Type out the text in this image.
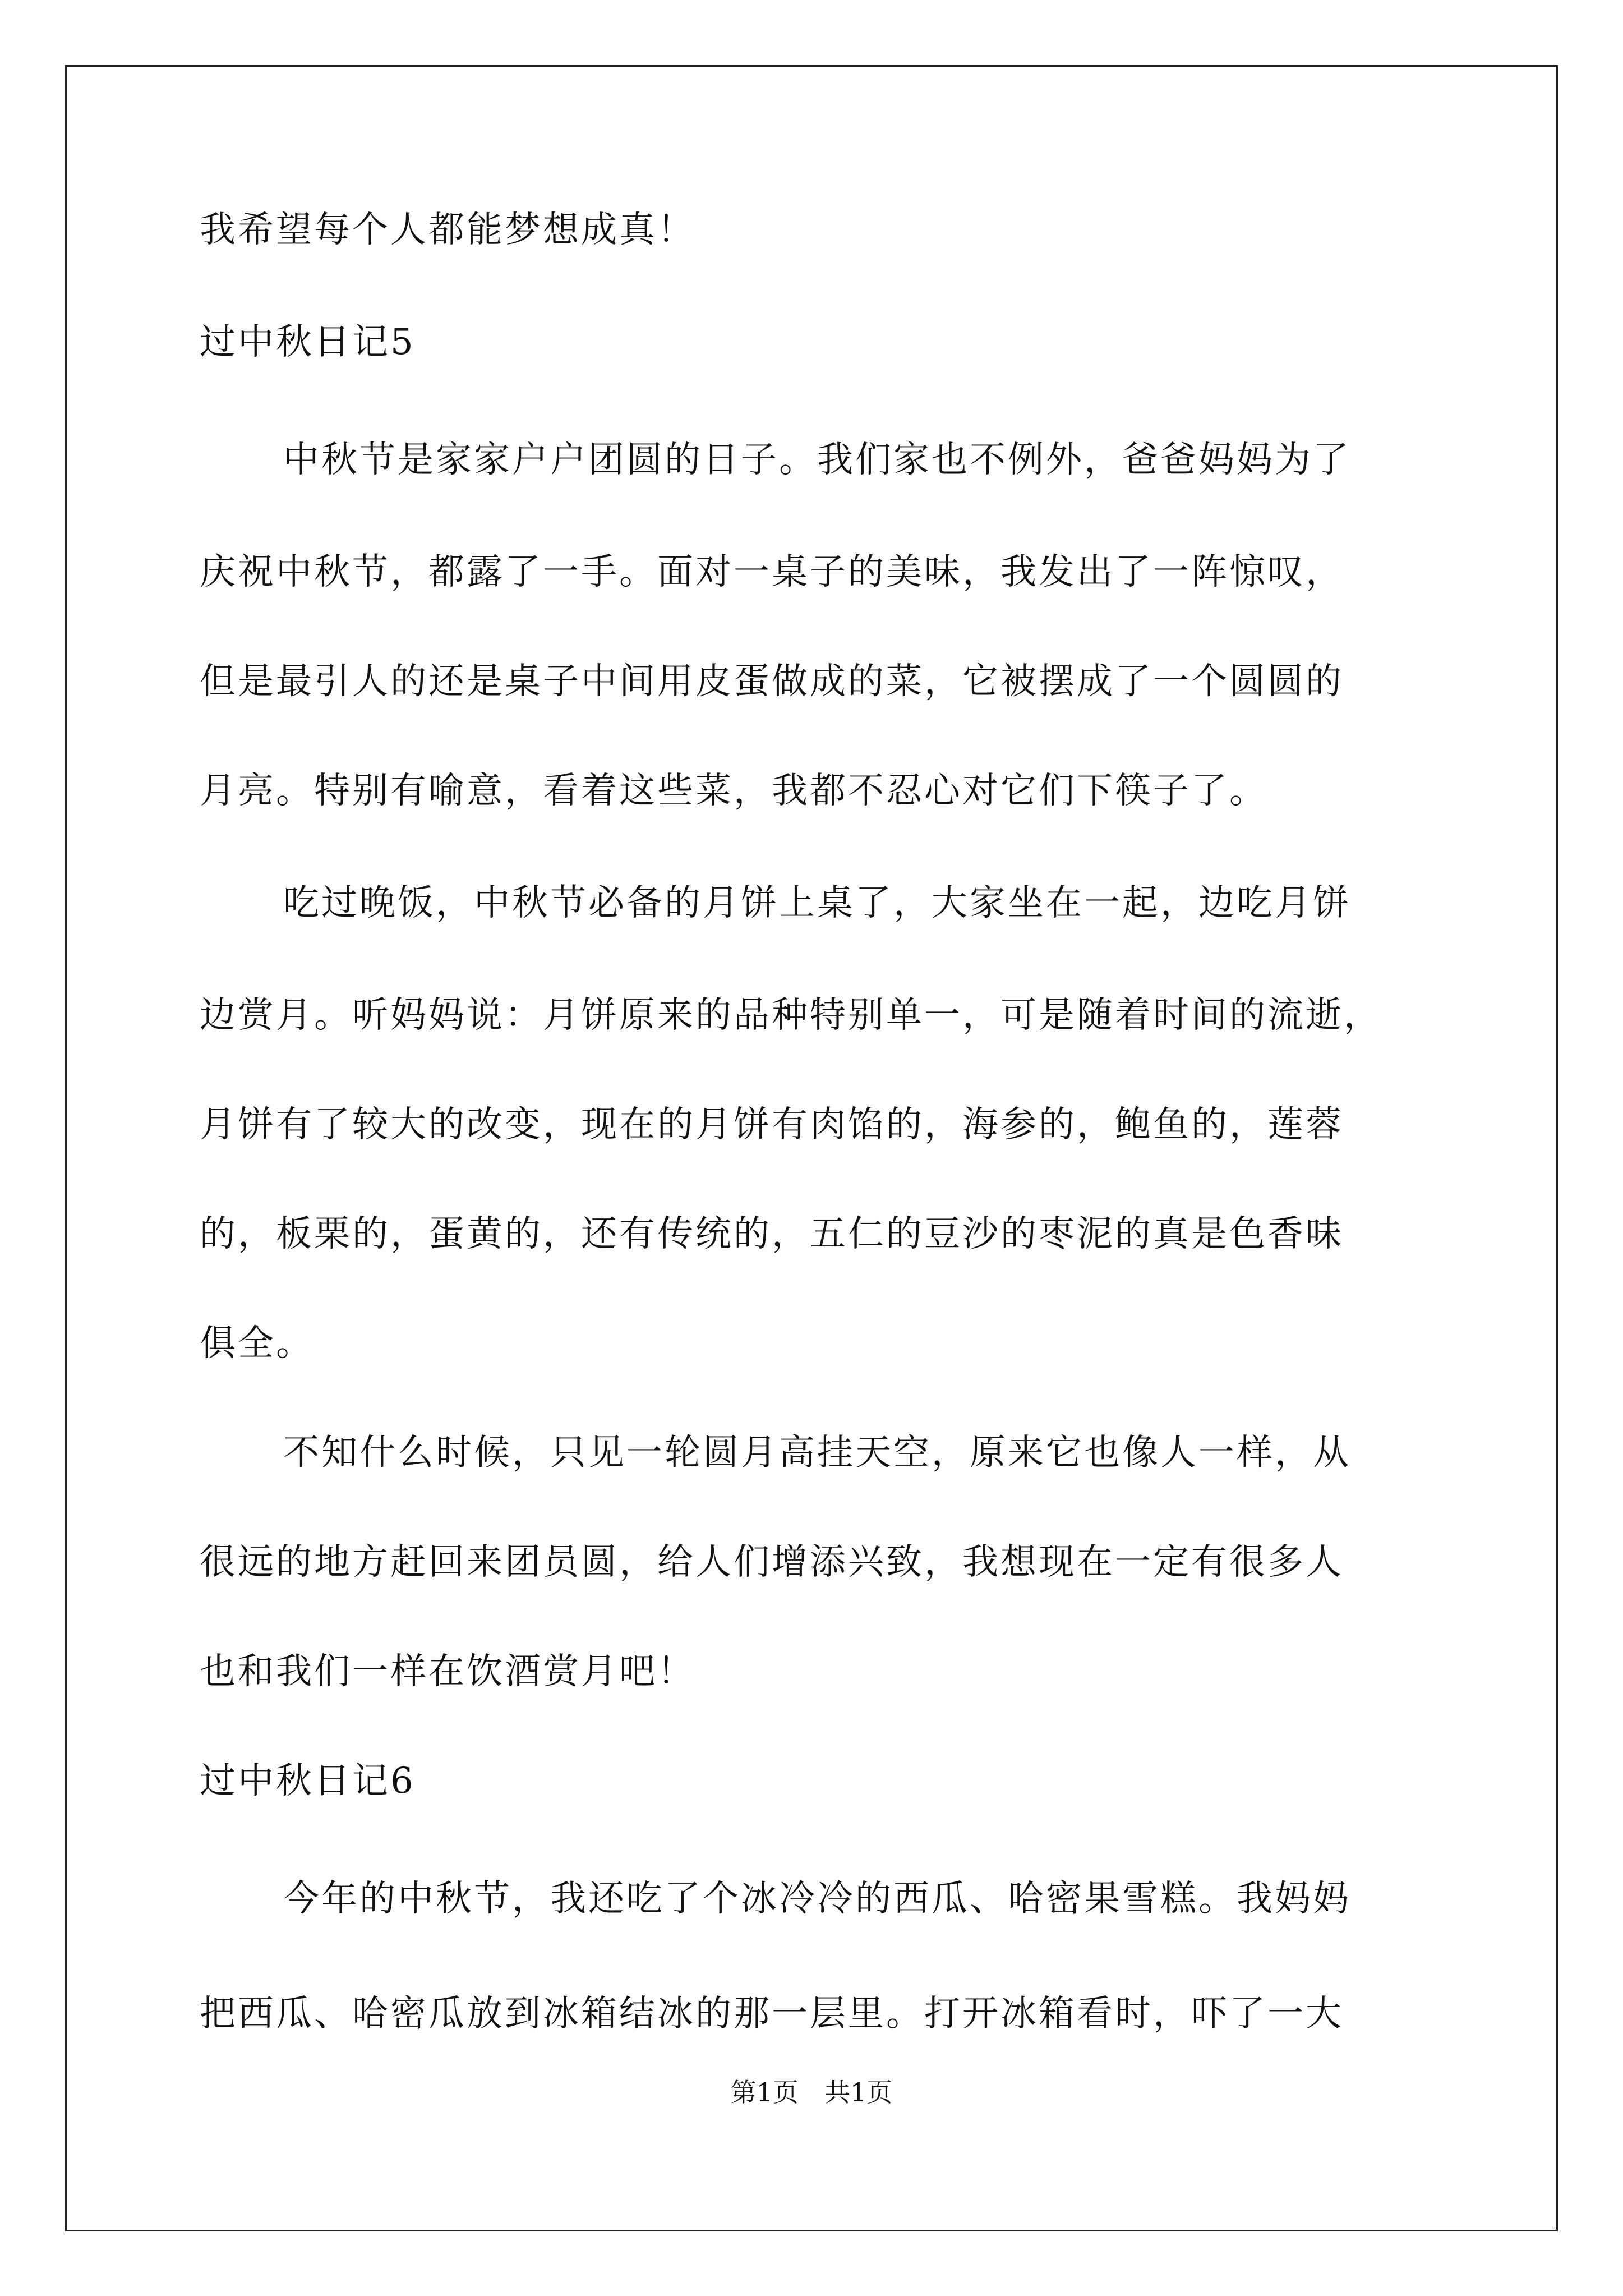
我希望每个人都能梦想成真！
过中秋日记5
中秋节是家家户户团圆的日子。我们家也不例外，爸爸妈妈为了
庆祝中秋节，都露了一手。面对一桌子的美味，我发出了一阵惊叹，
但是最引人的还是桌子中间用皮蛋做成的菜，它被摆成了一个圆圆的
月亮。特别有喻意，看着这些菜，我都不忍心对它们下筷子了。
吃过晚饭，中秋节必备的月饼上桌了，大家坐在一起，边吃月饼
边赏月。听妈妈说：月饼原来的品种特别单一，可是随着时间的流逝，
月饼有了较大的改变，现在的月饼有肉馅的，海参的，鲍鱼的，莲蓉
的，板栗的，蛋黄的，还有传统的，五仁的豆沙的枣泥的真是色香味
俱全。
不知什么时候，只见一轮圆月高挂天空，原来它也像人一样，从
很远的地方赶回来团员圆，给人们增添兴致，我想现在一定有很多人
也和我们一样在饮酒赏月吧！
过中秋日记6
今年的中秋节，我还吃了个冰冷冷的西瓜、哈密果雪糕。我妈妈
把西瓜、哈密瓜放到冰箱结冰的那一层里。打开冰箱看时，吓了一大
第1页 共1页
